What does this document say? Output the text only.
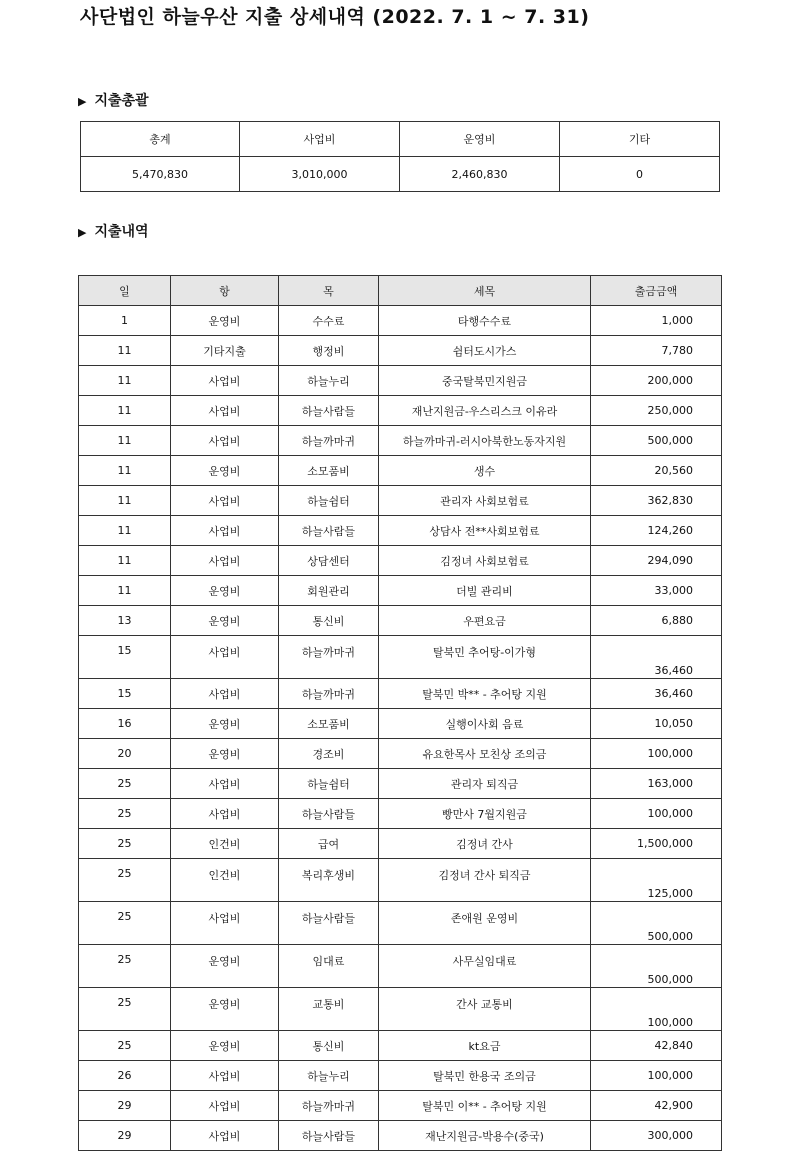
사단법인 하늘우산 지출 상세내역 (2022. 7. 1 ~ 7. 31)
▶ 지출총괄
총계	사업비	운영비	기타
5,470,830	3,010,000	2,460,830	0
▶ 지출내역
일	항	목	세목	출금금액
1	운영비	수수료	타행수수료	1,000
11	기타지출	행정비	쉼터도시가스	7,780
11	사업비	하늘누리	중국탈북민지원금	200,000
11	사업비	하늘사람들	재난지원금-우스리스크 이유라	250,000
11	사업비	하늘까마귀	하늘까마귀-러시아북한노동자지원	500,000
11	운영비	소모품비	생수	20,560
11	사업비	하늘쉼터	관리자 사회보험료	362,830
11	사업비	하늘사람들	상담사 전**사회보험료	124,260
11	사업비	상담센터	김정녀 사회보험료	294,090
11	운영비	회원관리	더빌 관리비	33,000
13	운영비	통신비	우편요금	6,880
15	사업비	하늘까마귀	탈북민 추어탕-이가형	36,460
15	사업비	하늘까마귀	탈북민 박** - 추어탕 지원	36,460
16	운영비	소모품비	실행이사회 음료	10,050
20	운영비	경조비	유요한목사 모친상 조의금	100,000
25	사업비	하늘쉼터	관리자 퇴직금	163,000
25	사업비	하늘사람들	빵만사 7월지원금	100,000
25	인건비	급여	김정녀 간사	1,500,000
25	인건비	복리후생비	김정녀 간사 퇴직금	125,000
25	사업비	하늘사람들	존애원 운영비	500,000
25	운영비	임대료	사무실임대료	500,000
25	운영비	교통비	간사 교통비	100,000
25	운영비	통신비	kt요금	42,840
26	사업비	하늘누리	탈북민 한용국 조의금	100,000
29	사업비	하늘까마귀	탈북민 이** - 추어탕 지원	42,900
29	사업비	하늘사람들	재난지원금-박용수(중국)	300,000
